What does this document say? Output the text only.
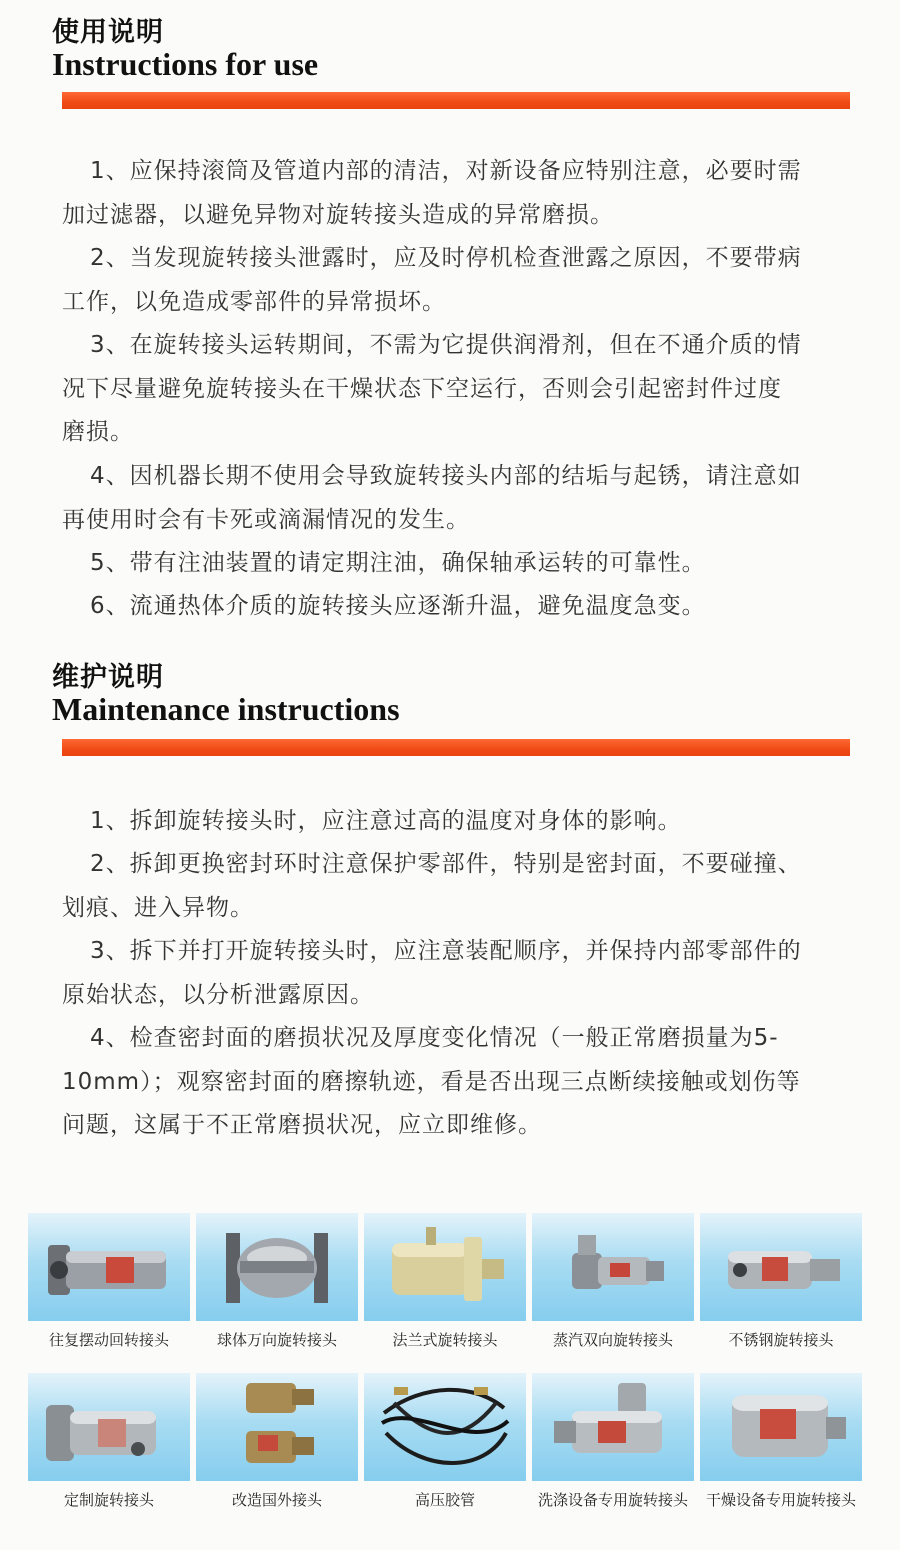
使用说明
Instructions for use

1、应保持滚筒及管道内部的清洁，对新设备应特别注意，必要时需加过滤器，以避免异物对旋转接头造成的异常磨损。

2、当发现旋转接头泄露时，应及时停机检查泄露之原因，不要带病工作，以免造成零部件的异常损坏。

3、在旋转接头运转期间，不需为它提供润滑剂，但在不通介质的情况下尽量避免旋转接头在干燥状态下空运行，否则会引起密封件过度磨损。

4、因机器长期不使用会导致旋转接头内部的结垢与起锈，请注意如再使用时会有卡死或滴漏情况的发生。

5、带有注油装置的请定期注油，确保轴承运转的可靠性。

6、流通热体介质的旋转接头应逐渐升温，避免温度急变。

维护说明
Maintenance instructions

1、拆卸旋转接头时，应注意过高的温度对身体的影响。

2、拆卸更换密封环时注意保护零部件，特别是密封面，不要碰撞、划痕、进入异物。

3、拆下并打开旋转接头时，应注意装配顺序，并保持内部零部件的原始状态，以分析泄露原因。

4、检查密封面的磨损状况及厚度变化情况（一般正常磨损量为5-10mm）；观察密封面的磨擦轨迹，看是否出现三点断续接触或划伤等问题，这属于不正常磨损状况，应立即维修。

往复摆动回转接头	球体万向旋转接头	法兰式旋转接头	蒸汽双向旋转接头	不锈钢旋转接头
定制旋转接头	改造国外接头	高压胶管	洗涤设备专用旋转接头	干燥设备专用旋转接头
